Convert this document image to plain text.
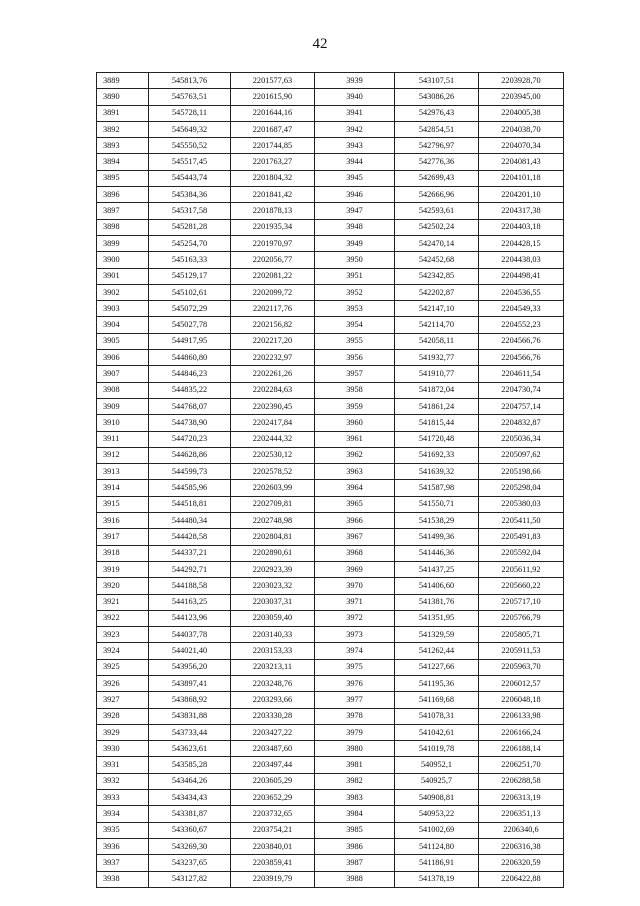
42
3889	545813,76	2201577,63	3939	543107,51	2203928,70
3890	545763,51	2201615,90	3940	543086,26	2203945,00
3891	545728,11	2201644,16	3941	542976,43	2204005,38
3892	545649,32	2201687,47	3942	542854,51	2204038,70
3893	545550,52	2201744,85	3943	542796,97	2204070,34
3894	545517,45	2201763,27	3944	542776,36	2204081,43
3895	545443,74	2201804,32	3945	542699,43	2204101,18
3896	545384,36	2201841,42	3946	542666,96	2204201,10
3897	545317,58	2201878,13	3947	542593,61	2204317,38
3898	545281,28	2201935,34	3948	542502,24	2204403,18
3899	545254,70	2201970,97	3949	542470,14	2204428,15
3900	545163,33	2202056,77	3950	542452,68	2204438,03
3901	545129,17	2202081,22	3951	542342,85	2204498,41
3902	545102,61	2202099,72	3952	542202,87	2204536,55
3903	545072,29	2202117,76	3953	542147,10	2204549,33
3904	545027,78	2202156,82	3954	542114,70	2204552,23
3905	544917,95	2202217,20	3955	542058,11	2204566,76
3906	544860,80	2202232,97	3956	541932,77	2204566,76
3907	544846,23	2202261,26	3957	541910,77	2204611,54
3908	544835,22	2202284,63	3958	541872,04	2204730,74
3909	544768,07	2202390,45	3959	541861,24	2204757,14
3910	544738,90	2202417,84	3960	541815,44	2204832,87
3911	544720,23	2202444,32	3961	541720,48	2205036,34
3912	544628,86	2202530,12	3962	541692,33	2205097,62
3913	544599,73	2202578,52	3963	541639,32	2205198,66
3914	544585,96	2202603,99	3964	541587,98	2205298,04
3915	544518,81	2202709,81	3965	541550,71	2205380,03
3916	544480,34	2202748,98	3966	541538,29	2205411,50
3917	544428,58	2202804,81	3967	541499,36	2205491,83
3918	544337,21	2202890,61	3968	541446,36	2205592,04
3919	544292,71	2202923,39	3969	541437,25	2205611,92
3920	544188,58	2203023,32	3970	541406,60	2205660,22
3921	544163,25	2203037,31	3971	541381,76	2205717,10
3922	544123,96	2203059,40	3972	541351,95	2205766,79
3923	544037,78	2203140,33	3973	541329,59	2205805,71
3924	544021,40	2203153,33	3974	541262,44	2205911,53
3925	543956,20	2203213,11	3975	541227,66	2205963,70
3926	543897,41	2203248,76	3976	541195,36	2206012,57
3927	543868,92	2203293,66	3977	541169,68	2206048,18
3928	543831,88	2203330,28	3978	541078,31	2206133,98
3929	543733,44	2203427,22	3979	541042,61	2206166,24
3930	543623,61	2203487,60	3980	541019,78	2206188,14
3931	543585,28	2203497,44	3981	540952,1	2206251,70
3932	543464,26	2203605,29	3982	540925,7	2206288,58
3933	543434,43	2203652,29	3983	540908,81	2206313,19
3934	543381,87	2203732,65	3984	540953,22	2206351,13
3935	543360,67	2203754,21	3985	541002,69	2206340,6
3936	543269,30	2203840,01	3986	541124,80	2206316,38
3937	543237,65	2203859,41	3987	541186,91	2206320,59
3938	543127,82	2203919,79	3988	541378,19	2206422,88
